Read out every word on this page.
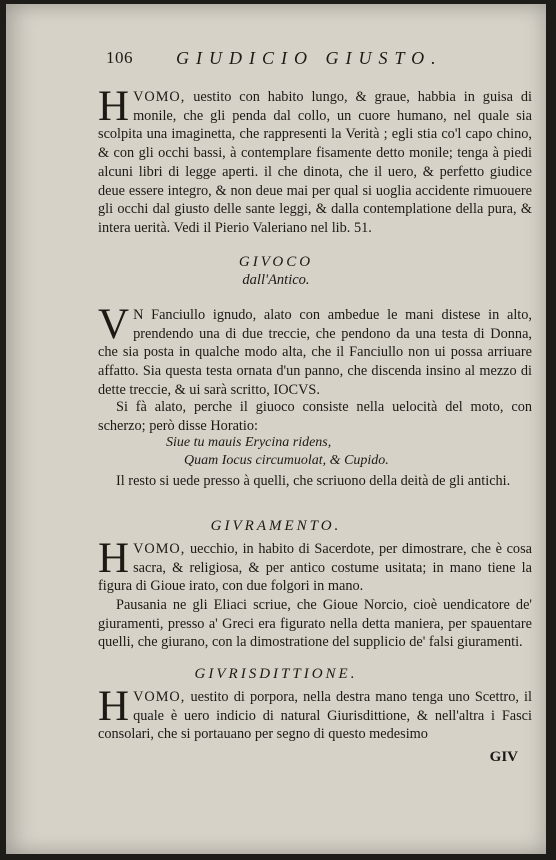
106 GIUDICIO GIUSTO.
HVOMO, uestito con habito lungo, & graue, habbia in guisa di monile, che gli penda dal collo, un cuore humano, nel quale sia scolpita una imaginetta, che rappresenti la Verità ; egli stia co'l capo chino, & con gli occhi bassi, à contemplare fisamente detto monile; tenga à piedi alcuni libri di legge aperti. il che dinota, che il uero, & perfetto giudice deue essere integro, & non deue mai per qual si uoglia accidente rimuouere gli occhi dal giusto delle sante leggi, & dalla contemplatione della pura, & intera uerità. Vedi il Pierio Valeriano nel lib. 51.
GIVOCO
dall'Antico.
V N Fanciullo ignudo, alato con ambedue le mani distese in alto, prendendo una di due treccie, che pendono da una testa di Donna, che sia posta in qualche modo alta, che il Fanciullo non ui possa arriuare affatto. Sia questa testa ornata d'un panno, che discenda insino al mezzo di dette treccie, & ui sarà scritto, IOCVS.
Si fà alato, perche il giuoco consiste nella uelocità del moto, con scherzo; però disse Horatio:
Siue tu mauis Erycina ridens,
Quam Iocus circumuolat, & Cupido.
Il resto si uede presso à quelli, che scriuono della deità de gli antichi.
GIVRAMENTO.
HVOMO, uecchio, in habito di Sacerdote, per dimostrare, che è cosa sacra, & religiosa, & per antico costume usitata; in mano tiene la figura di Gioue irato, con due folgori in mano.
Pausania ne gli Eliaci scriue, che Gioue Norcio, cioè uendicatore de' giuramenti, presso a' Greci era figurato nella detta maniera, per spauentare quelli, che giurano, con la dimostratione del supplicio de' falsi giuramenti.
GIVRISDITTIONE.
HVOMO, uestito di porpora, nella destra mano tenga uno Scettro, il quale è uero indicio di natural Giurisdittione, & nell'altra i Fasci consolari, che si portauano per segno di questo medesimo
GIV
